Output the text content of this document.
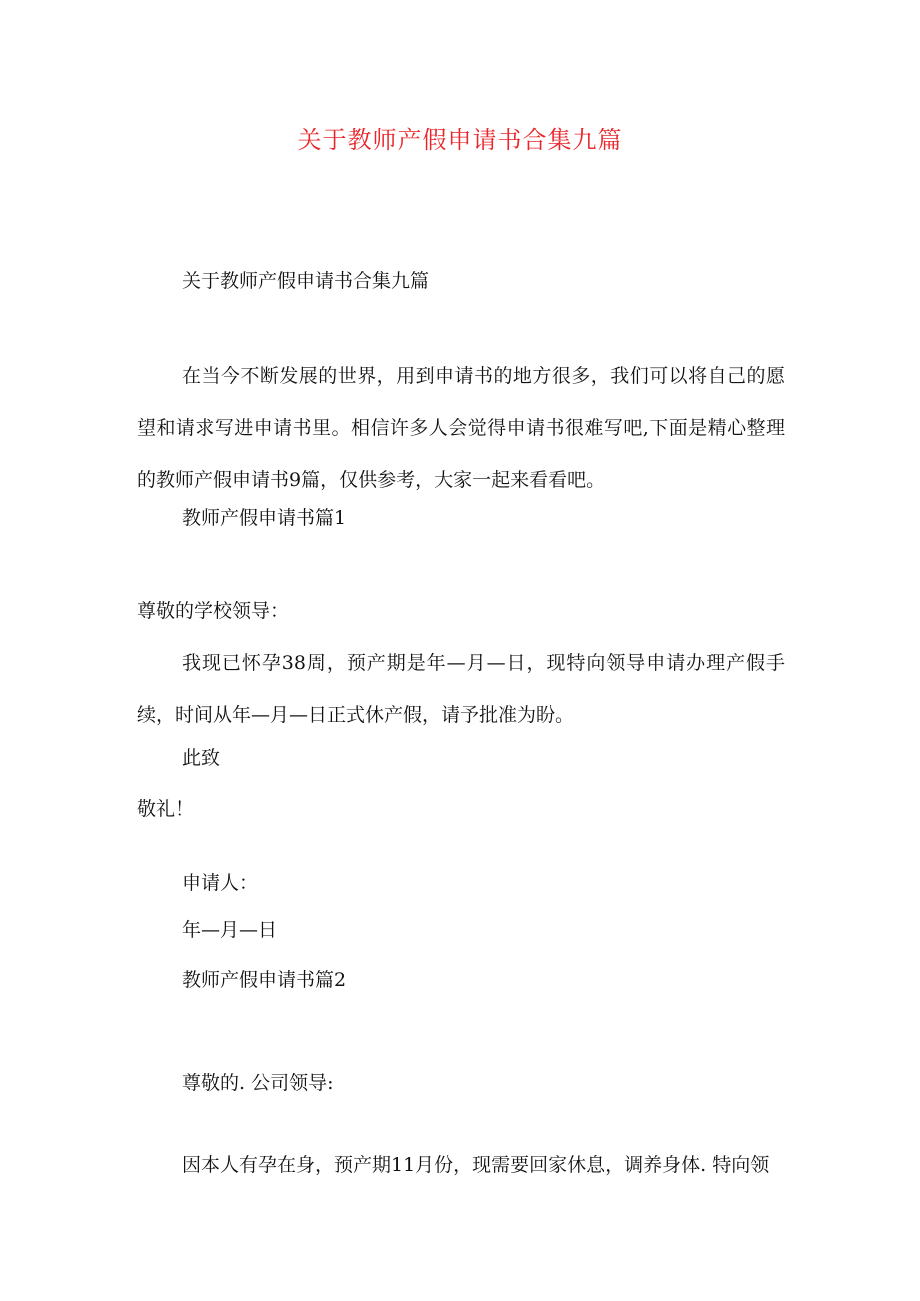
关于教师产假申请书合集九篇
关于教师产假申请书合集九篇

在当今不断发展的世界，用到申请书的地方很多，我们可以将自己的愿望和请求写进申请书里。相信许多人会觉得申请书很难写吧,下面是精心整理的教师产假申请书9篇，仅供参考，大家一起来看看吧。

教师产假申请书篇1
尊敬的学校领导：

我现已怀孕38周，预产期是年—月—日，现特向领导申请办理产假手续，时间从年—月—日正式休产假，请予批准为盼。

此致
敬礼！
申请人：
年—月—日
教师产假申请书篇2
尊敬的. 公司领导:
因本人有孕在身，预产期11月份，现需要回家休息，调养身体. 特向领
